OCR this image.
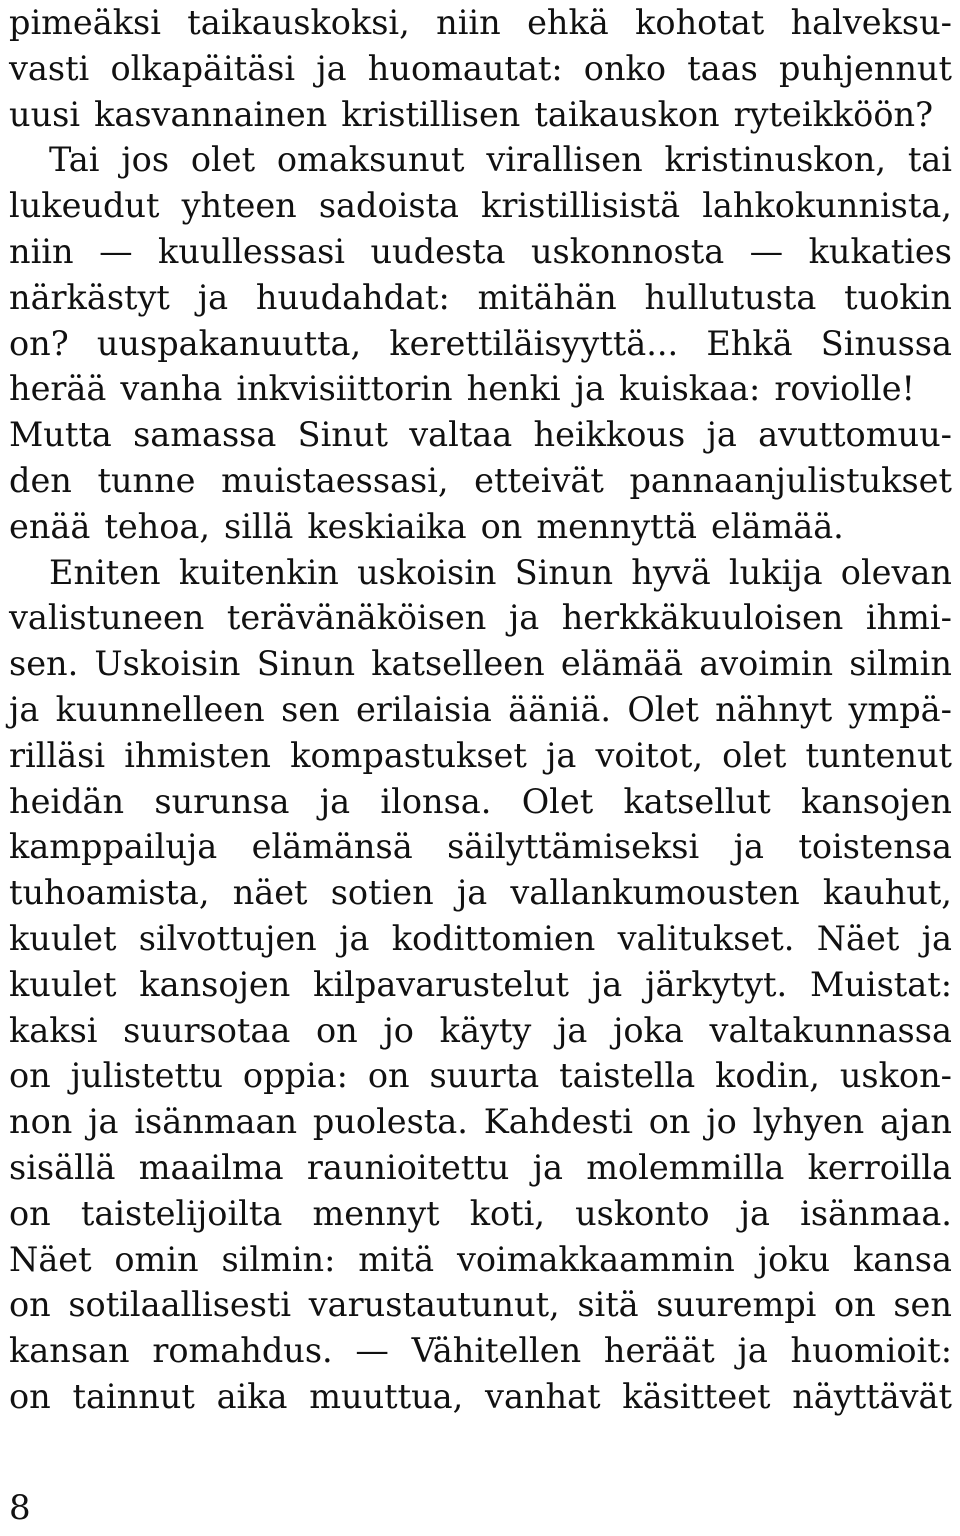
pimeäksi taikauskoksi, niin ehkä kohotat halveksu-
vasti olkapäitäsi ja huomautat: onko taas puhjennut
uusi kasvannainen kristillisen taikauskon ryteikköön?
Tai jos olet omaksunut virallisen kristinuskon, tai
lukeudut yhteen sadoista kristillisistä lahkokunnista,
niin — kuullessasi uudesta uskonnosta — kukaties
närkästyt ja huudahdat: mitähän hullutusta tuokin
on? uuspakanuutta, kerettiläisyyttä... Ehkä Sinussa
herää vanha inkvisiittorin henki ja kuiskaa: roviolle!
Mutta samassa Sinut valtaa heikkous ja avuttomuu-
den tunne muistaessasi, etteivät pannaanjulistukset
enää tehoa, sillä keskiaika on mennyttä elämää.
Eniten kuitenkin uskoisin Sinun hyvä lukija olevan
valistuneen terävänäköisen ja herkkäkuuloisen ihmi-
sen. Uskoisin Sinun katselleen elämää avoimin silmin
ja kuunnelleen sen erilaisia ääniä. Olet nähnyt ympä-
rilläsi ihmisten kompastukset ja voitot, olet tuntenut
heidän surunsa ja ilonsa. Olet katsellut kansojen
kamppailuja elämänsä säilyttämiseksi ja toistensa
tuhoamista, näet sotien ja vallankumousten kauhut,
kuulet silvottujen ja kodittomien valitukset. Näet ja
kuulet kansojen kilpavarustelut ja järkytyt. Muistat:
kaksi suursotaa on jo käyty ja joka valtakunnassa
on julistettu oppia: on suurta taistella kodin, uskon-
non ja isänmaan puolesta. Kahdesti on jo lyhyen ajan
sisällä maailma raunioitettu ja molemmilla kerroilla
on taistelijoilta mennyt koti, uskonto ja isänmaa.
Näet omin silmin: mitä voimakkaammin joku kansa
on sotilaallisesti varustautunut, sitä suurempi on sen
kansan romahdus. — Vähitellen heräät ja huomioit:
on tainnut aika muuttua, vanhat käsitteet näyttävät
8
